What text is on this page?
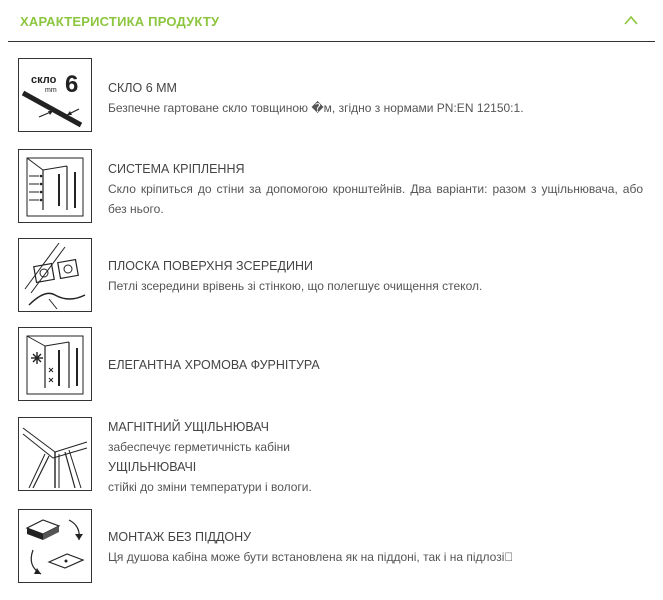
ХАРАКТЕРИСТИКА ПРОДУКТУ
скло
mm 6 СКЛО 6 ММ
Безпечне гартоване скло товщиною �м, згідно з нормами PN:EN 12150:1.
СИСТЕМА КРІПЛЕННЯ
Скло кріпиться до стіни за допомогою кронштейнів. Два варіанти: разом з ущільнювача, або без нього.
ПЛОСКА ПОВЕРХНЯ ЗСЕРЕДИНИ
Петлі зсередини врівень зі стінкою, що полегшує очищення стекол.
ЕЛЕГАНТНА ХРОМОВА ФУРНІТУРА
МАГНІТНИЙ УЩІЛЬНЮВАЧ
забеспечує герметичність кабіни
УЩІЛЬНЮВАЧІ
стійкі до зміни температури і вологи.
МОНТАЖ БЕЗ ПІДДОНУ
Ця душова кабіна може бути встановлена як на піддоні, так і на підлозі􏰀
